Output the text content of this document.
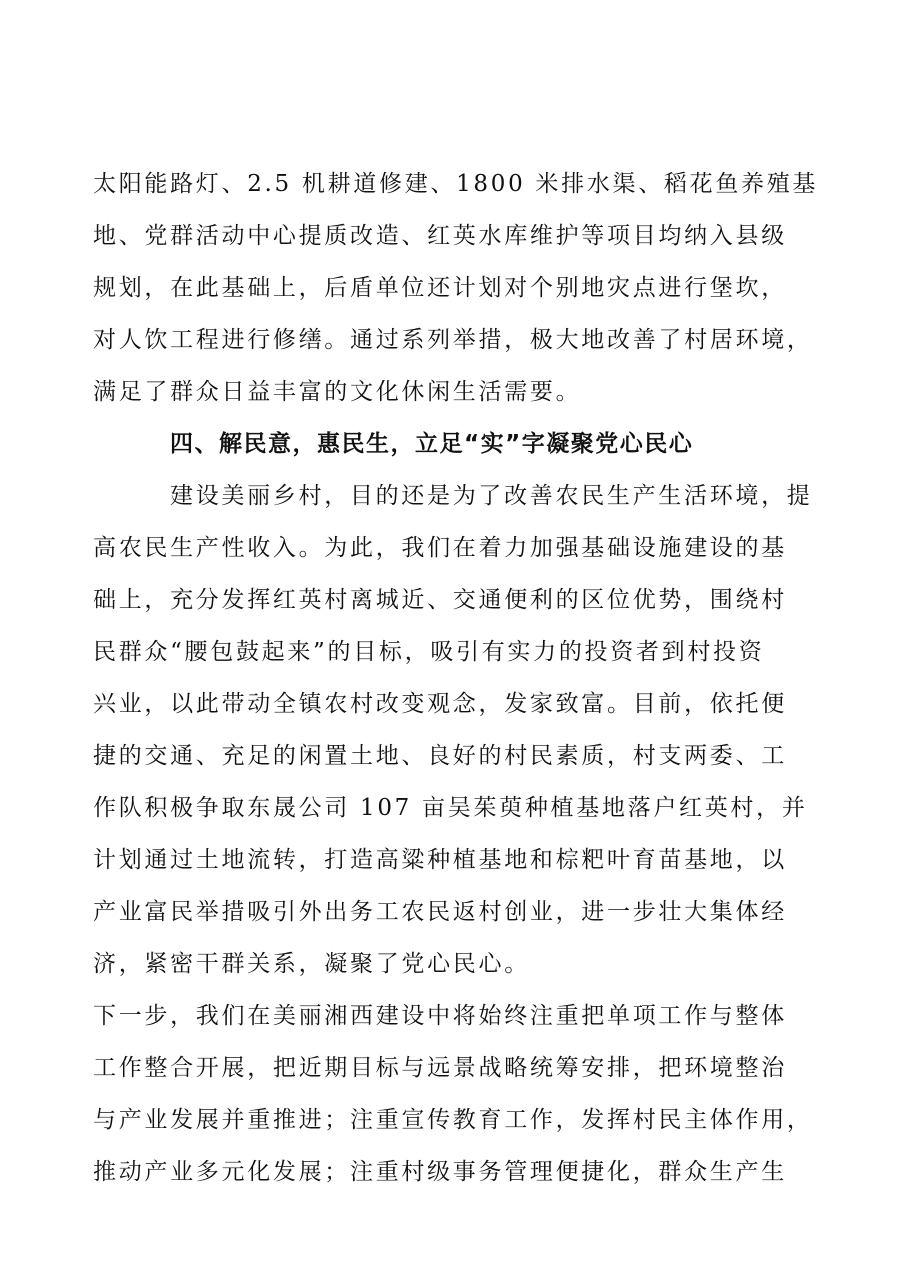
太阳能路灯、2.5 机耕道修建、1800 米排水渠、稻花鱼养殖基
地、党群活动中心提质改造、红英水库维护等项目均纳入县级
规划，在此基础上，后盾单位还计划对个别地灾点进行堡坎，
对人饮工程进行修缮。通过系列举措，极大地改善了村居环境，
满足了群众日益丰富的文化休闲生活需要。
四、解民意，惠民生，立足“实”字凝聚党心民心
建设美丽乡村，目的还是为了改善农民生产生活环境，提
高农民生产性收入。为此，我们在着力加强基础设施建设的基
础上，充分发挥红英村离城近、交通便利的区位优势，围绕村
民群众“腰包鼓起来”的目标，吸引有实力的投资者到村投资
兴业，以此带动全镇农村改变观念，发家致富。目前，依托便
捷的交通、充足的闲置土地、良好的村民素质，村支两委、工
作队积极争取东晟公司 107 亩吴茱萸种植基地落户红英村，并
计划通过土地流转，打造高粱种植基地和棕粑叶育苗基地，以
产业富民举措吸引外出务工农民返村创业，进一步壮大集体经
济，紧密干群关系，凝聚了党心民心。
下一步，我们在美丽湘西建设中将始终注重把单项工作与整体
工作整合开展，把近期目标与远景战略统筹安排，把环境整治
与产业发展并重推进；注重宣传教育工作，发挥村民主体作用，
推动产业多元化发展；注重村级事务管理便捷化，群众生产生
